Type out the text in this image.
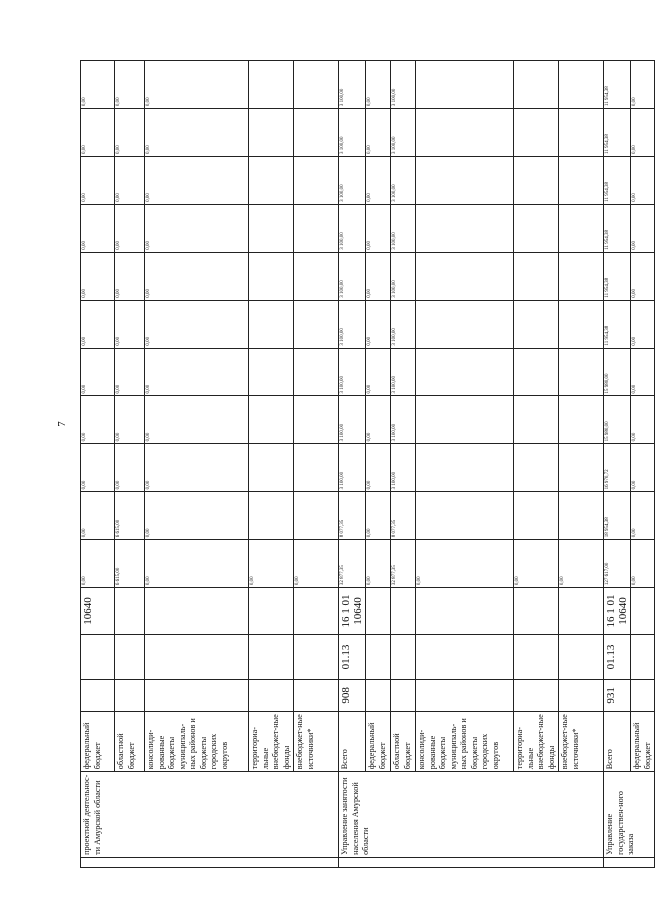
7
	проектной деятельнос-ти Амурской области	федеральный бюджет			10640	0,00	0,00	0,00	0,00	0,00	0,00	0,00	0,00	0,00	0,00	0,00
		областной бюджет				6 615,00	6 615,00	0,00	0,00	0,00	0,00	0,00	0,00	0,00	0,00	0,00
		консолиди-рованные бюджеты муниципаль-ных районов и бюджеты городских округов				0,00	0,00	0,00	0,00	0,00	0,00	0,00	0,00	0,00	0,00	0,00
		территориа-льные внебюджет-ные фонды				0,00										
		внебюджет-ные источники*				0,00										
	Управление занятости населения Амурской области	Всего	908	01.13	16 1 01 10640	32 877,35	8 077,35	3 100,00	3 100,00	3 100,00	3 100,00	3 100,00	3 100,00	3 100,00	3 100,00	3 100,00
		федеральный бюджет				0,00	0,00	0,00	0,00	0,00	0,00	0,00	0,00	0,00	0,00	0,00
		областной бюджет				32 877,35	8 077,35	3 100,00	3 100,00	3 100,00	3 100,00	3 100,00	3 100,00	3 100,00	3 100,00	3 100,00
		консолиди-рованные бюджеты муниципаль-ных районов и бюджеты городских округов				0,00										
		территориа-льные внебюджет-ные фонды				0,00										
		внебюджет-ные источники*				0,00										
	Управление государствен-ного заказа	Всего	931	01.13	16 1 01 10640	127 617,00	18 954,38	16 970,72	15 980,00	15 980,00	11 954,38	11 954,38	11 954,38	11 954,38	11 954,38	11 954,38
		федеральный бюджет				0,00	0,00	0,00	0,00	0,00	0,00	0,00	0,00	0,00	0,00	0,00
